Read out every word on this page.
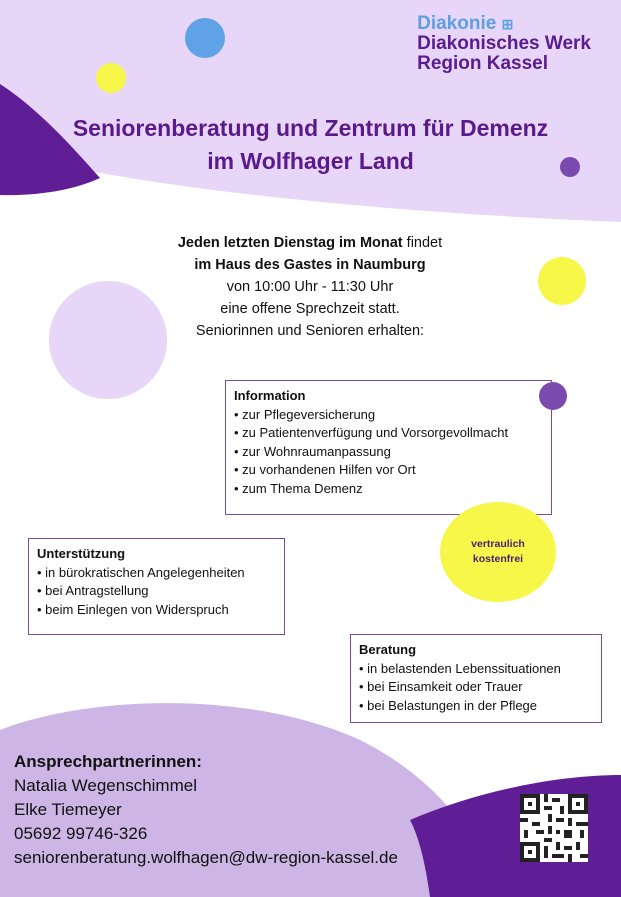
Diakonie ⊞
Diakonisches Werk
Region Kassel
Seniorenberatung und Zentrum für Demenz
im Wolfhager Land
Jeden letzten Dienstag im Monat findet
im Haus des Gastes in Naumburg
von 10:00 Uhr - 11:30 Uhr
eine offene Sprechzeit statt.
Seniorinnen und Senioren erhalten:
Information
• zur Pflegeversicherung
• zu Patientenverfügung und Vorsorgevollmacht
• zur Wohnraumanpassung
• zu vorhandenen Hilfen vor Ort
• zum Thema Demenz
vertraulich
kostenfrei
Unterstützung
• in bürokratischen Angelegenheiten
• bei Antragstellung
• beim Einlegen von Widerspruch
Beratung
• in belastenden Lebenssituationen
• bei Einsamkeit oder Trauer
• bei Belastungen in der Pflege
Ansprechpartnerinnen:
Natalia Wegenschimmel
Elke Tiemeyer
05692 99746-326
seniorenberatung.wolfhagen@dw-region-kassel.de
